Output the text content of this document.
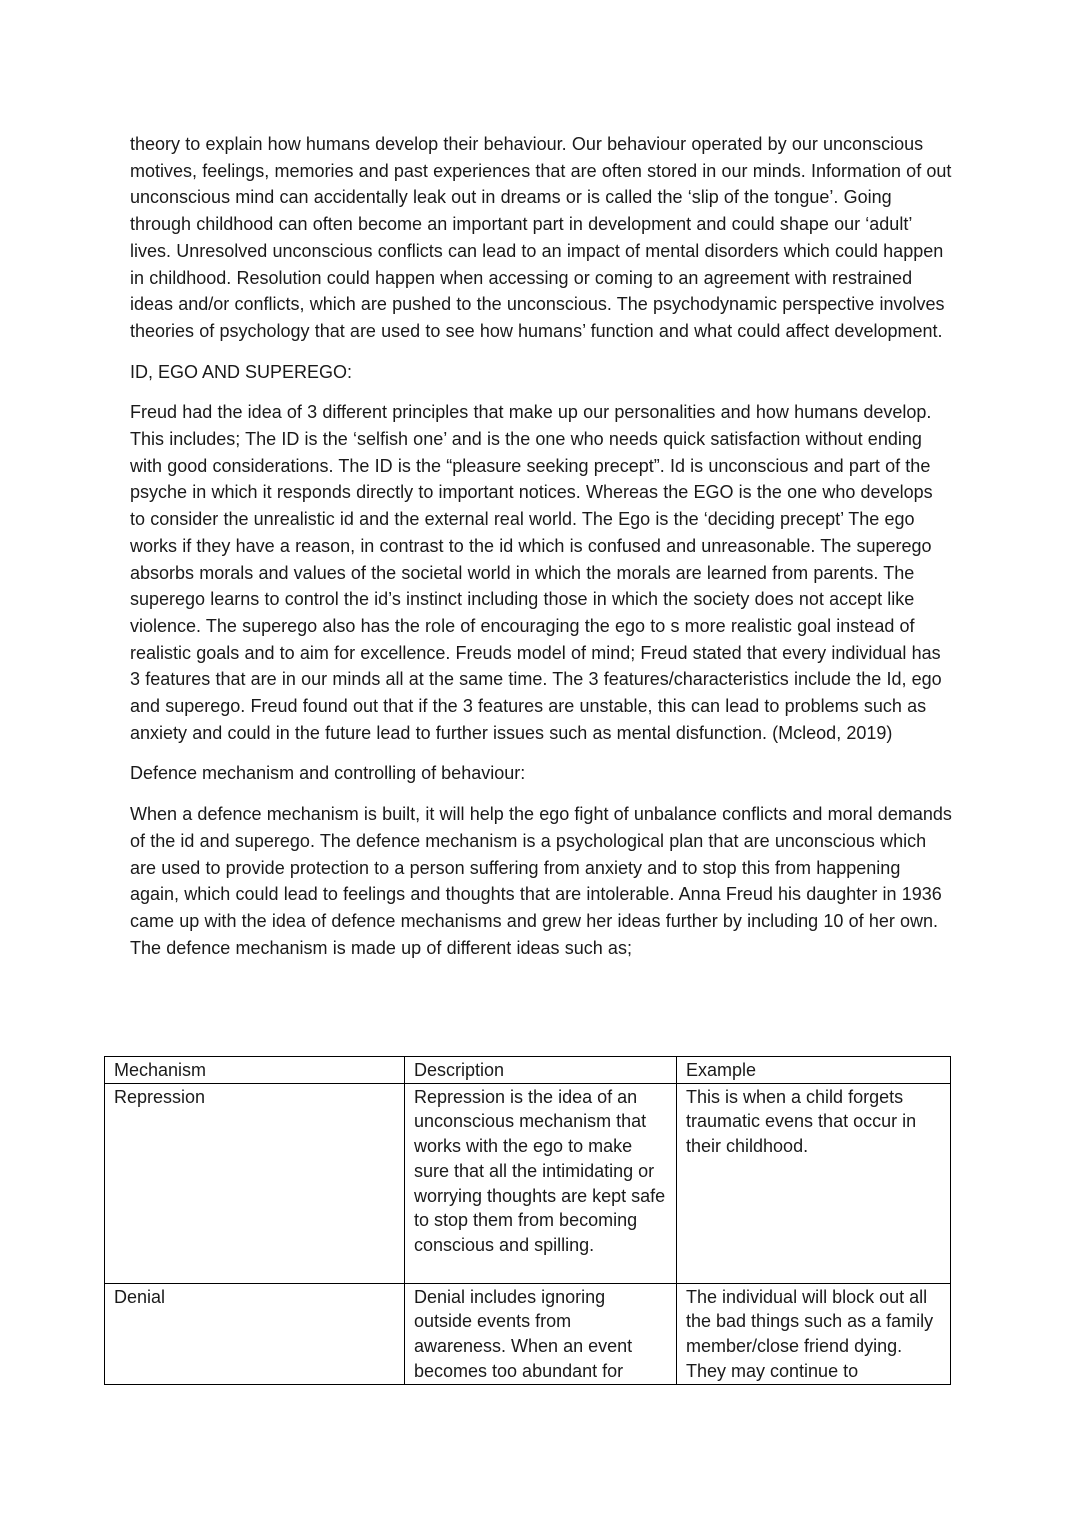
theory to explain how humans develop their behaviour. Our behaviour operated by our unconscious motives, feelings, memories and past experiences that are often stored in our minds. Information of out unconscious mind can accidentally leak out in dreams or is called the ‘slip of the tongue’. Going through childhood can often become an important part in development and could shape our ‘adult’ lives. Unresolved unconscious conflicts can lead to an impact of mental disorders which could happen in childhood. Resolution could happen when accessing or coming to an agreement with restrained ideas and/or conflicts, which are pushed to the unconscious. The psychodynamic perspective involves theories of psychology that are used to see how humans’ function and what could affect development.

ID, EGO AND SUPEREGO:

Freud had the idea of 3 different principles that make up our personalities and how humans develop. This includes; The ID is the ‘selfish one’ and is the one who needs quick satisfaction without ending with good considerations. The ID is the “pleasure seeking precept”. Id is unconscious and part of the psyche in which it responds directly to important notices. Whereas the EGO is the one who develops to consider the unrealistic id and the external real world. The Ego is the ‘deciding precept’ The ego works if they have a reason, in contrast to the id which is confused and unreasonable. The superego absorbs morals and values of the societal world in which the morals are learned from parents. The superego learns to control the id’s instinct including those in which the society does not accept like violence. The superego also has the role of encouraging the ego to s more realistic goal instead of realistic goals and to aim for excellence. Freuds model of mind; Freud stated that every individual has 3 features that are in our minds all at the same time. The 3 features/characteristics include the Id, ego and superego. Freud found out that if the 3 features are unstable, this can lead to problems such as anxiety and could in the future lead to further issues such as mental disfunction. (Mcleod, 2019)

Defence mechanism and controlling of behaviour:

When a defence mechanism is built, it will help the ego fight of unbalance conflicts and moral demands of the id and superego. The defence mechanism is a psychological plan that are unconscious which are used to provide protection to a person suffering from anxiety and to stop this from happening again, which could lead to feelings and thoughts that are intolerable. Anna Freud his daughter in 1936 came up with the idea of defence mechanisms and grew her ideas further by including 10 of her own. The defence mechanism is made up of different ideas such as;

Mechanism	Description	Example
Repression	Repression is the idea of an unconscious mechanism that works with the ego to make sure that all the intimidating or worrying thoughts are kept safe to stop them from becoming conscious and spilling.	This is when a child forgets traumatic evens that occur in their childhood.
Denial	Denial includes ignoring outside events from awareness. When an event becomes too abundant for	The individual will block out all the bad things such as a family member/close friend dying. They may continue to
